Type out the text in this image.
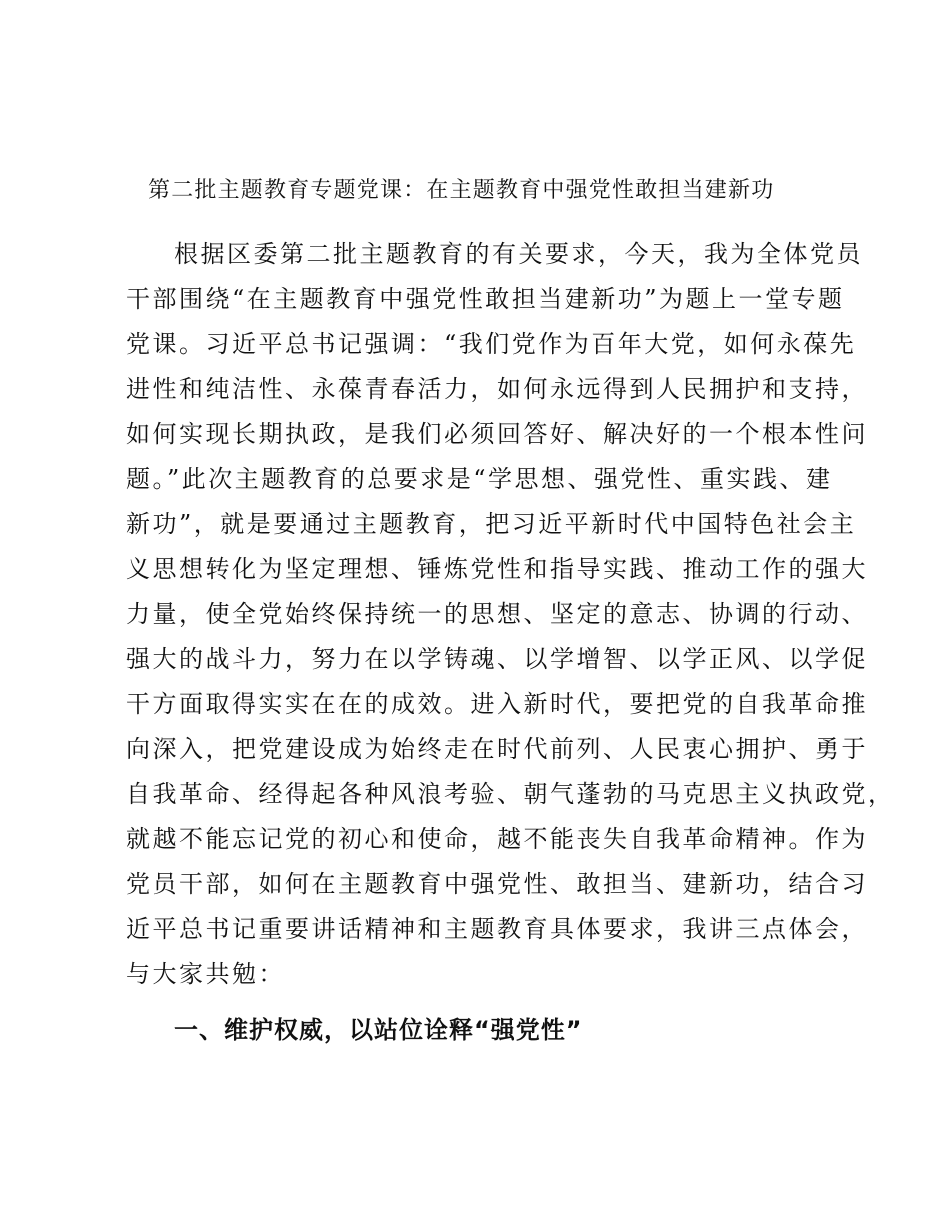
第二批主题教育专题党课：在主题教育中强党性敢担当建新功
根据区委第二批主题教育的有关要求，今天，我为全体党员
干部围绕“在主题教育中强党性敢担当建新功”为题上一堂专题
党课。习近平总书记强调：“我们党作为百年大党，如何永葆先
进性和纯洁性、永葆青春活力，如何永远得到人民拥护和支持，
如何实现长期执政，是我们必须回答好、解决好的一个根本性问
题。”此次主题教育的总要求是“学思想、强党性、重实践、建
新功”，就是要通过主题教育，把习近平新时代中国特色社会主
义思想转化为坚定理想、锤炼党性和指导实践、推动工作的强大
力量，使全党始终保持统一的思想、坚定的意志、协调的行动、
强大的战斗力，努力在以学铸魂、以学增智、以学正风、以学促
干方面取得实实在在的成效。进入新时代，要把党的自我革命推
向深入，把党建设成为始终走在时代前列、人民衷心拥护、勇于
自我革命、经得起各种风浪考验、朝气蓬勃的马克思主义执政党，
就越不能忘记党的初心和使命，越不能丧失自我革命精神。作为
党员干部，如何在主题教育中强党性、敢担当、建新功，结合习
近平总书记重要讲话精神和主题教育具体要求，我讲三点体会，
与大家共勉：
一、维护权威，以站位诠释“强党性”
